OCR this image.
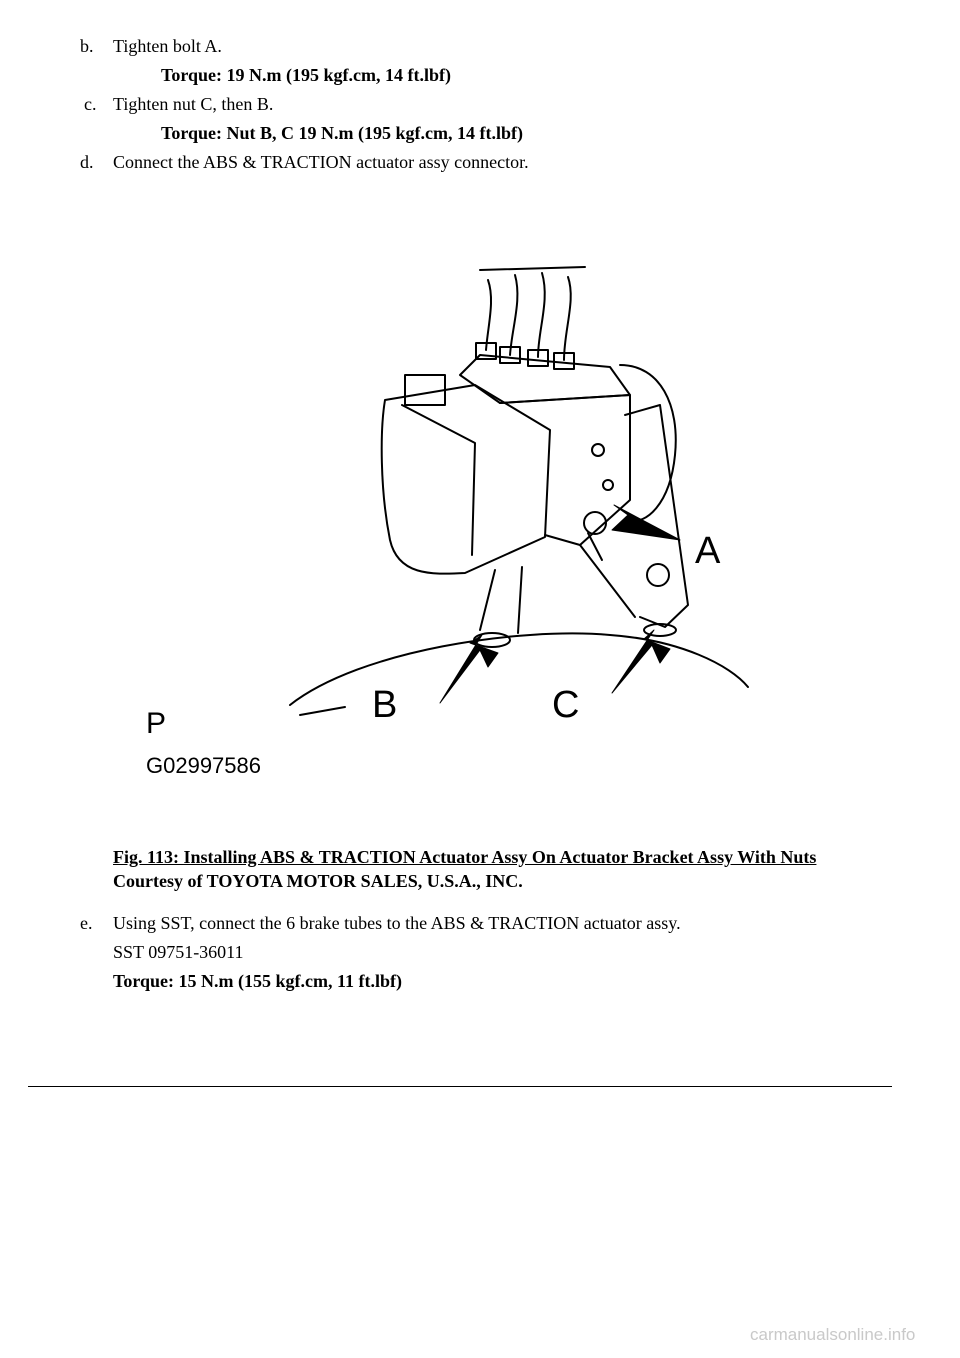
b. Tighten bolt A.
Torque: 19 N.m (195 kgf.cm, 14 ft.lbf)
c. Tighten nut C, then B.
Torque: Nut B, C 19 N.m (195 kgf.cm, 14 ft.lbf)
d. Connect the ABS & TRACTION actuator assy connector.
A
B	C
P
G02997586
Fig. 113: Installing ABS & TRACTION Actuator Assy On Actuator Bracket Assy With Nuts
Courtesy of TOYOTA MOTOR SALES, U.S.A., INC.
e. Using SST, connect the 6 brake tubes to the ABS & TRACTION actuator assy.
SST 09751-36011
Torque: 15 N.m (155 kgf.cm, 11 ft.lbf)
carmanualsonline.info
